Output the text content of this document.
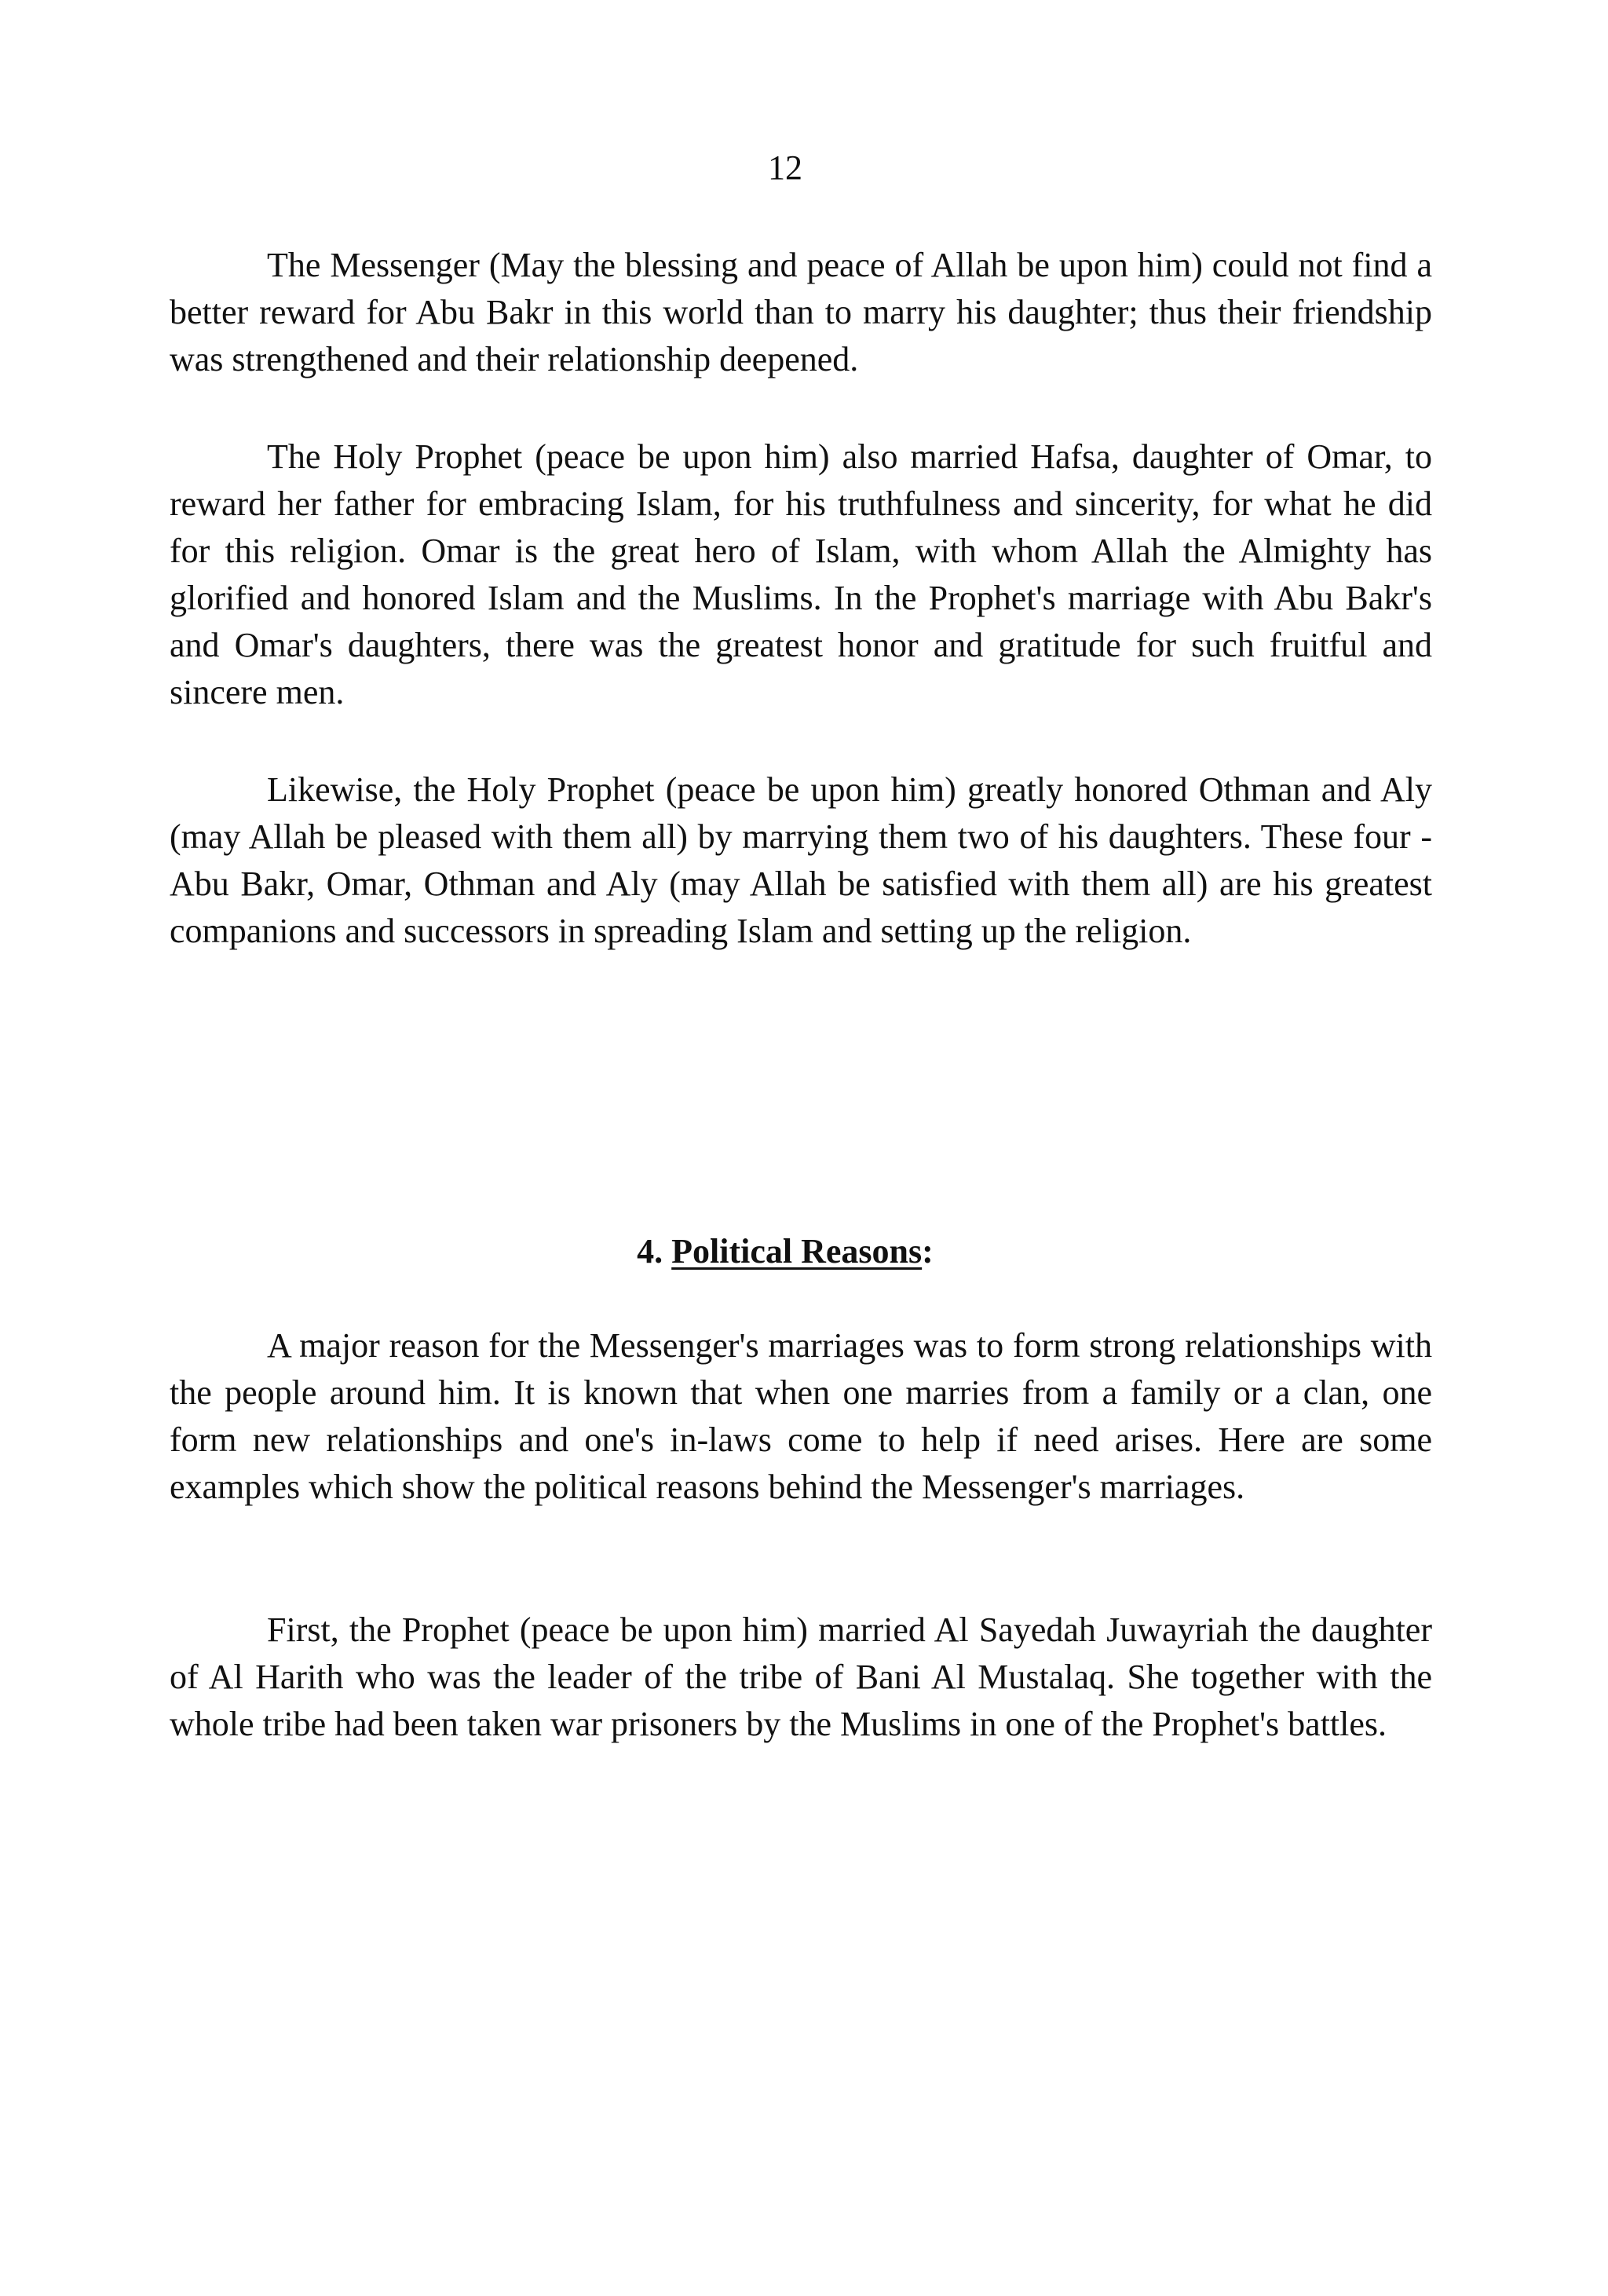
12

The Messenger (May the blessing and peace of Allah be upon him) could not find a better reward for Abu Bakr in this world than to marry his daughter; thus their friendship was strengthened and their relationship deepened.

The Holy Prophet (peace be upon him) also married Hafsa, daughter of Omar, to reward her father for embracing Islam, for his truthfulness and sincerity, for what he did for this religion. Omar is the great hero of Islam, with whom Allah the Almighty has glorified and honored Islam and the Muslims. In the Prophet's marriage with Abu Bakr's and Omar's daughters, there was the greatest honor and gratitude for such fruitful and sincere men.

Likewise, the Holy Prophet (peace be upon him) greatly honored Othman and Aly (may Allah be pleased with them all) by marrying them two of his daughters. These four - Abu Bakr, Omar, Othman and Aly (may Allah be satisfied with them all) are his greatest companions and successors in spreading Islam and setting up the religion.

4. Political Reasons:

A major reason for the Messenger's marriages was to form strong relationships with the people around him. It is known that when one marries from a family or a clan, one form new relationships and one's in-laws come to help if need arises. Here are some examples which show the political reasons behind the Messenger's marriages.

First, the Prophet (peace be upon him) married Al Sayedah Juwayriah the daughter of Al Harith who was the leader of the tribe of Bani Al Mustalaq. She together with the whole tribe had been taken war prisoners by the Muslims in one of the Prophet's battles.
